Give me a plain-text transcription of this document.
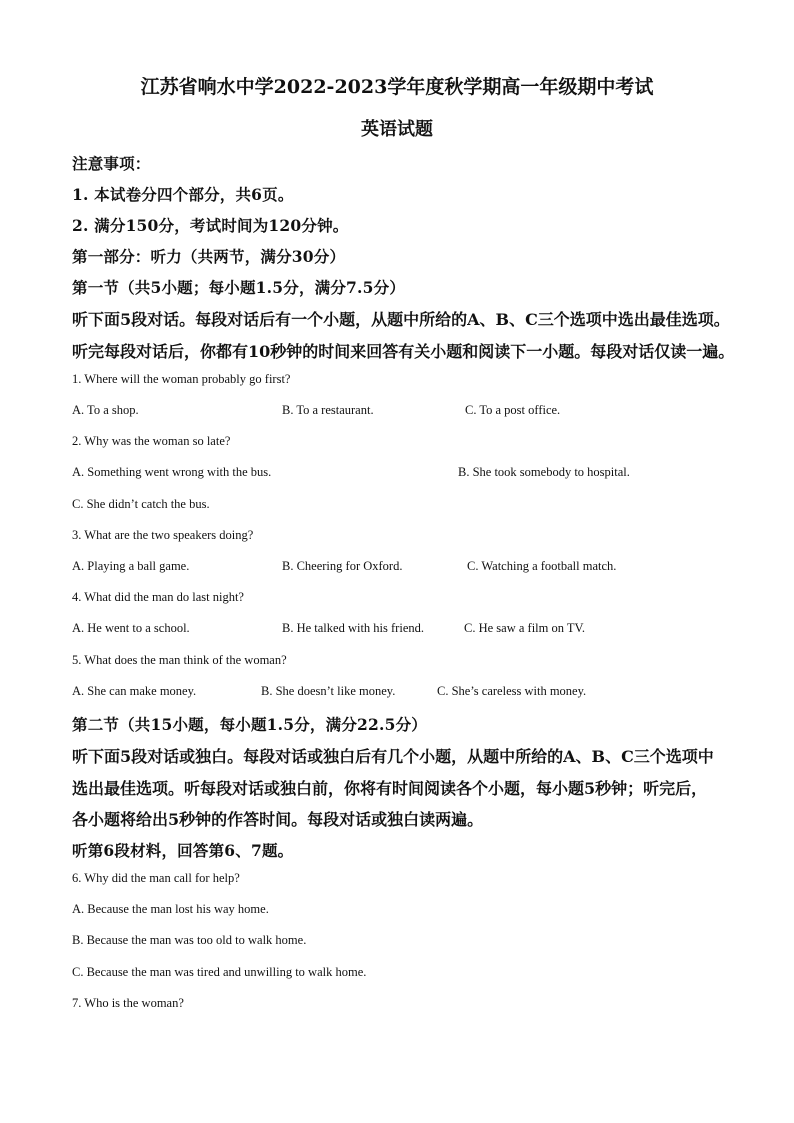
江苏省响水中学2022-2023学年度秋学期高一年级期中考试
英语试题
注意事项：
1. 本试卷分四个部分，共6页。
2. 满分150分，考试时间为120分钟。
第一部分：听力（共两节，满分30分）
第一节（共5小题；每小题1.5分，满分7.5分）
听下面5段对话。每段对话后有一个小题，从题中所给的A、B、C三个选项中选出最佳选项。
听完每段对话后，你都有10秒钟的时间来回答有关小题和阅读下一小题。每段对话仅读一遍。
1. Where will the woman probably go first?
A. To a shop.	B. To a restaurant.	C. To a post office.
2. Why was the woman so late?
A. Something went wrong with the bus.	B. She took somebody to hospital.
C. She didn’t catch the bus.
3. What are the two speakers doing?
A. Playing a ball game.	B. Cheering for Oxford.	C. Watching a football match.
4. What did the man do last night?
A. He went to a school.	B. He talked with his friend.	C. He saw a film on TV.
5. What does the man think of the woman?
A. She can make money.	B. She doesn’t like money.	C. She’s careless with money.
第二节（共15小题，每小题1.5分，满分22.5分）
听下面5段对话或独白。每段对话或独白后有几个小题，从题中所给的A、B、C三个选项中
选出最佳选项。听每段对话或独白前，你将有时间阅读各个小题，每小题5秒钟；听完后，
各小题将给出5秒钟的作答时间。每段对话或独白读两遍。
听第6段材料，回答第6、7题。
6. Why did the man call for help?
A. Because the man lost his way home.
B. Because the man was too old to walk home.
C. Because the man was tired and unwilling to walk home.
7. Who is the woman?
